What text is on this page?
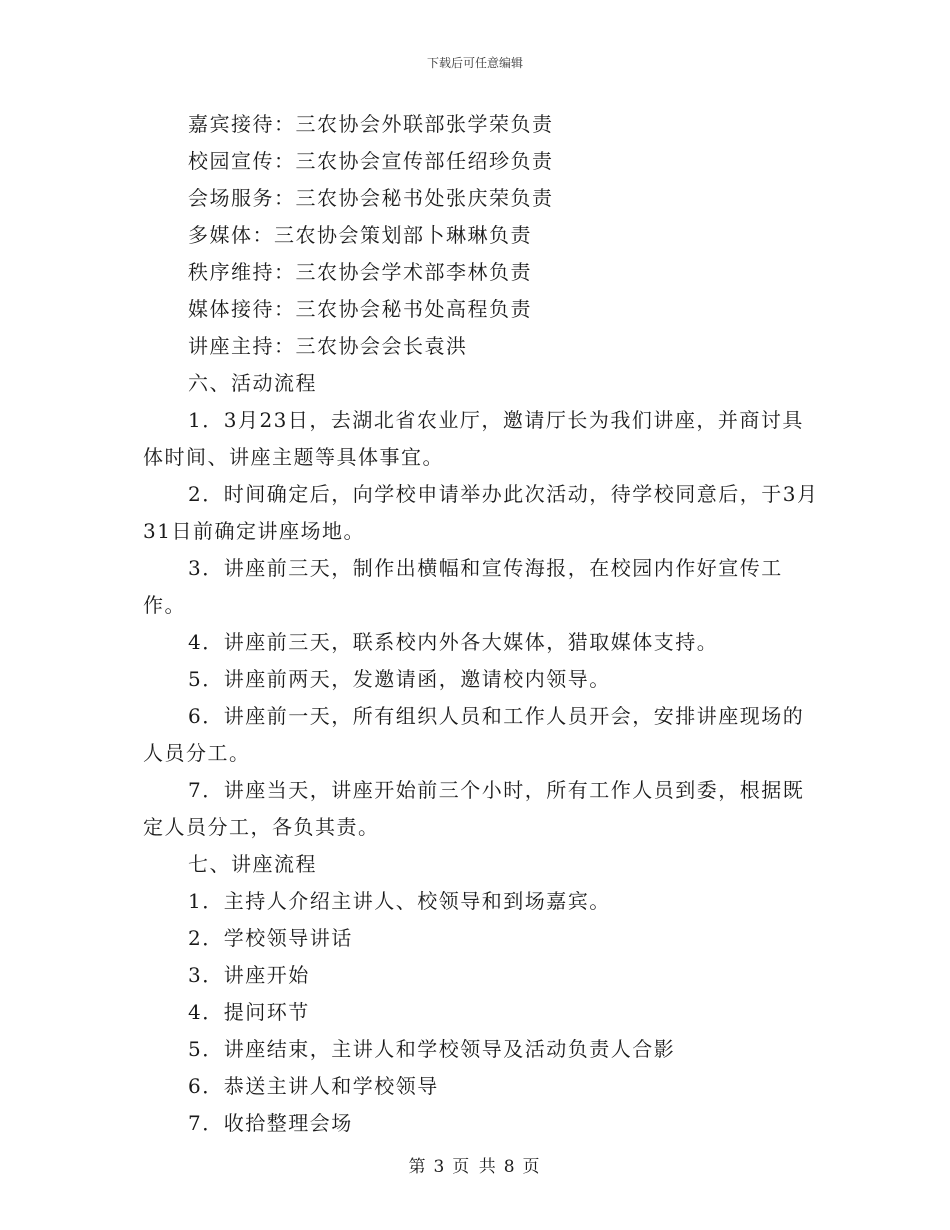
下载后可任意编辑

嘉宾接待：三农协会外联部张学荣负责

校园宣传：三农协会宣传部任绍珍负责

会场服务：三农协会秘书处张庆荣负责

多媒体：三农协会策划部卜琳琳负责

秩序维持：三农协会学术部李林负责

媒体接待：三农协会秘书处高程负责

讲座主持：三农协会会长袁洪

六、活动流程

1．3月23日，去湖北省农业厅，邀请厅长为我们讲座，并商讨具体时间、讲座主题等具体事宜。

2．时间确定后，向学校申请举办此次活动，待学校同意后，于3月31日前确定讲座场地。

3．讲座前三天，制作出横幅和宣传海报，在校园内作好宣传工作。

4．讲座前三天，联系校内外各大媒体，猎取媒体支持。

5．讲座前两天，发邀请函，邀请校内领导。

6．讲座前一天，所有组织人员和工作人员开会，安排讲座现场的人员分工。

7．讲座当天，讲座开始前三个小时，所有工作人员到委，根据既定人员分工，各负其责。

七、讲座流程

1．主持人介绍主讲人、校领导和到场嘉宾。

2．学校领导讲话

3．讲座开始

4．提问环节

5．讲座结束，主讲人和学校领导及活动负责人合影

6．恭送主讲人和学校领导

7．收拾整理会场

第 3 页 共 8 页
